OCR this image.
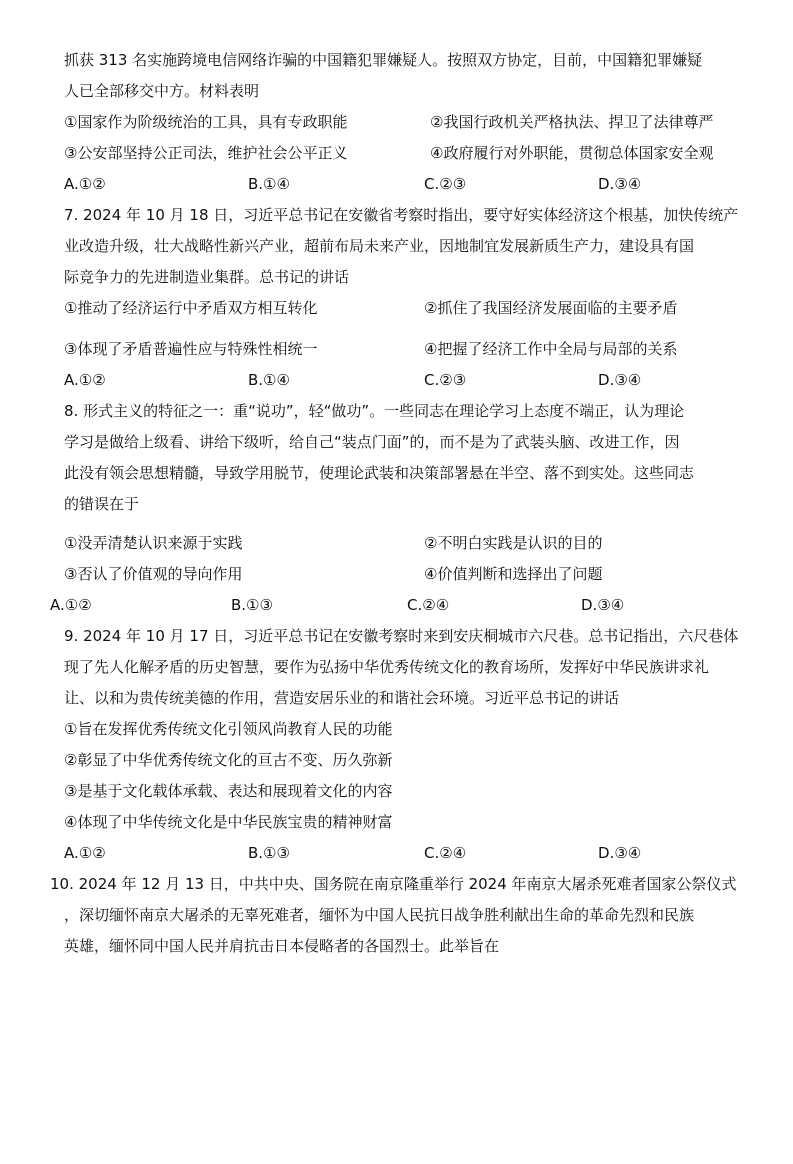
抓获 313 名实施跨境电信网络诈骗的中国籍犯罪嫌疑人。按照双方协定，目前，中国籍犯罪嫌疑
人已全部移交中方。材料表明
①国家作为阶级统治的工具，具有专政职能	②我国行政机关严格执法、捍卫了法律尊严
③公安部坚持公正司法，维护社会公平正义	④政府履行对外职能，贯彻总体国家安全观
A.①②	B.①④	C.②③	D.③④
7. 2024 年 10 月 18 日，习近平总书记在安徽省考察时指出，要守好实体经济这个根基，加快传统产
业改造升级，壮大战略性新兴产业，超前布局未来产业，因地制宜发展新质生产力，建设具有国
际竞争力的先进制造业集群。总书记的讲话
①推动了经济运行中矛盾双方相互转化	②抓住了我国经济发展面临的主要矛盾
③体现了矛盾普遍性应与特殊性相统一	④把握了经济工作中全局与局部的关系
A.①②	B.①④	C.②③	D.③④
8. 形式主义的特征之一：重“说功”，轻“做功”。一些同志在理论学习上态度不端正，认为理论
学习是做给上级看、讲给下级听，给自己“装点门面”的，而不是为了武装头脑、改进工作，因
此没有领会思想精髓，导致学用脱节，使理论武装和决策部署悬在半空、落不到实处。这些同志
的错误在于
①没弄清楚认识来源于实践	②不明白实践是认识的目的
③否认了价值观的导向作用	④价值判断和选择出了问题
A.①②	B.①③	C.②④	D.③④
9. 2024 年 10 月 17 日，习近平总书记在安徽考察时来到安庆桐城市六尺巷。总书记指出，六尺巷体
现了先人化解矛盾的历史智慧，要作为弘扬中华优秀传统文化的教育场所，发挥好中华民族讲求礼
让、以和为贵传统美德的作用，营造安居乐业的和谐社会环境。习近平总书记的讲话
①旨在发挥优秀传统文化引领风尚教育人民的功能
②彰显了中华优秀传统文化的亘古不变、历久弥新
③是基于文化载体承载、表达和展现着文化的内容
④体现了中华传统文化是中华民族宝贵的精神财富
A.①②	B.①③	C.②④	D.③④
10. 2024 年 12 月 13 日，中共中央、国务院在南京隆重举行 2024 年南京大屠杀死难者国家公祭仪式
，深切缅怀南京大屠杀的无辜死难者，缅怀为中国人民抗日战争胜利献出生命的革命先烈和民族
英雄，缅怀同中国人民并肩抗击日本侵略者的各国烈士。此举旨在
